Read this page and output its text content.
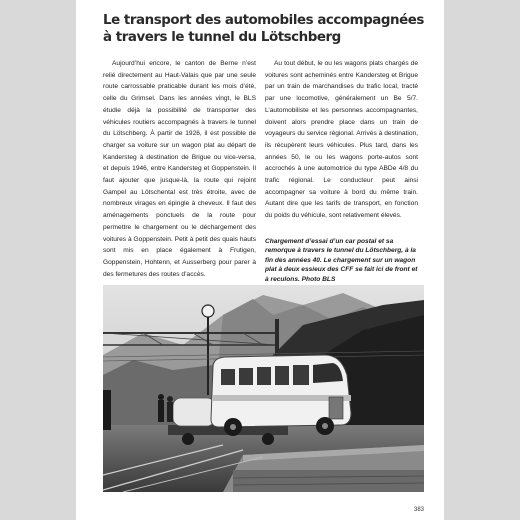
Le transport des automobiles accompagnées
à travers le tunnel du Lötschberg

Aujourd’hui encore, le canton de Berne n’est relié directement au Haut-Valais que par une seule route carrossable praticable durant les mois d’été, celle du Grimsel. Dans les années vingt, le BLS étudie déjà la possibilité de transporter des véhicules routiers accompagnés à travers le tunnel du Lötschberg. À partir de 1926, il est possible de charger sa voiture sur un wagon plat au départ de Kandersteg à destination de Brigue ou vice-versa, et depuis 1946, entre Kandersteg et Goppenstein. Il faut ajouter que jusque-là, la route qui rejoint Gampel au Lötschental est très étroite, avec de nombreux virages en épingle à cheveux. Il faut des aménagements ponctuels de la route pour permettre le chargement ou le déchargement des voitures à Goppenstein. Petit à petit des quais hauts sont mis en place également à Frutigen, Goppenstein, Hohtenn, et Ausserberg pour parer à des fermetures des routes d’accès.

Au tout début, le ou les wagons plats chargés de voitures sont acheminés entre Kandersteg et Brigue par un train de marchandises du trafic local, tracté par une locomotive, généralement un Be 5/7. L’automobiliste et les personnes accompagnantes, doivent alors prendre place dans un train de voyageurs du service régional. Arrivés à destination, ils récupèrent leurs véhicules. Plus tard, dans les années 50, le ou les wagons porte-autos sont accrochés à une automotrice du type ABDe 4/8 du trafic régional. Le conducteur peut ainsi accompagner sa voiture à bord du même train. Autant dire que les tarifs de transport, en fonction du poids du véhicule, sont relativement élevés.

Chargement d’essai d’un car postal et sa remorque à travers le tunnel du Lötschberg, à la fin des années 40. Le chargement sur un wagon plat à deux essieux des CFF se fait ici de front et à reculons. Photo BLS

383
